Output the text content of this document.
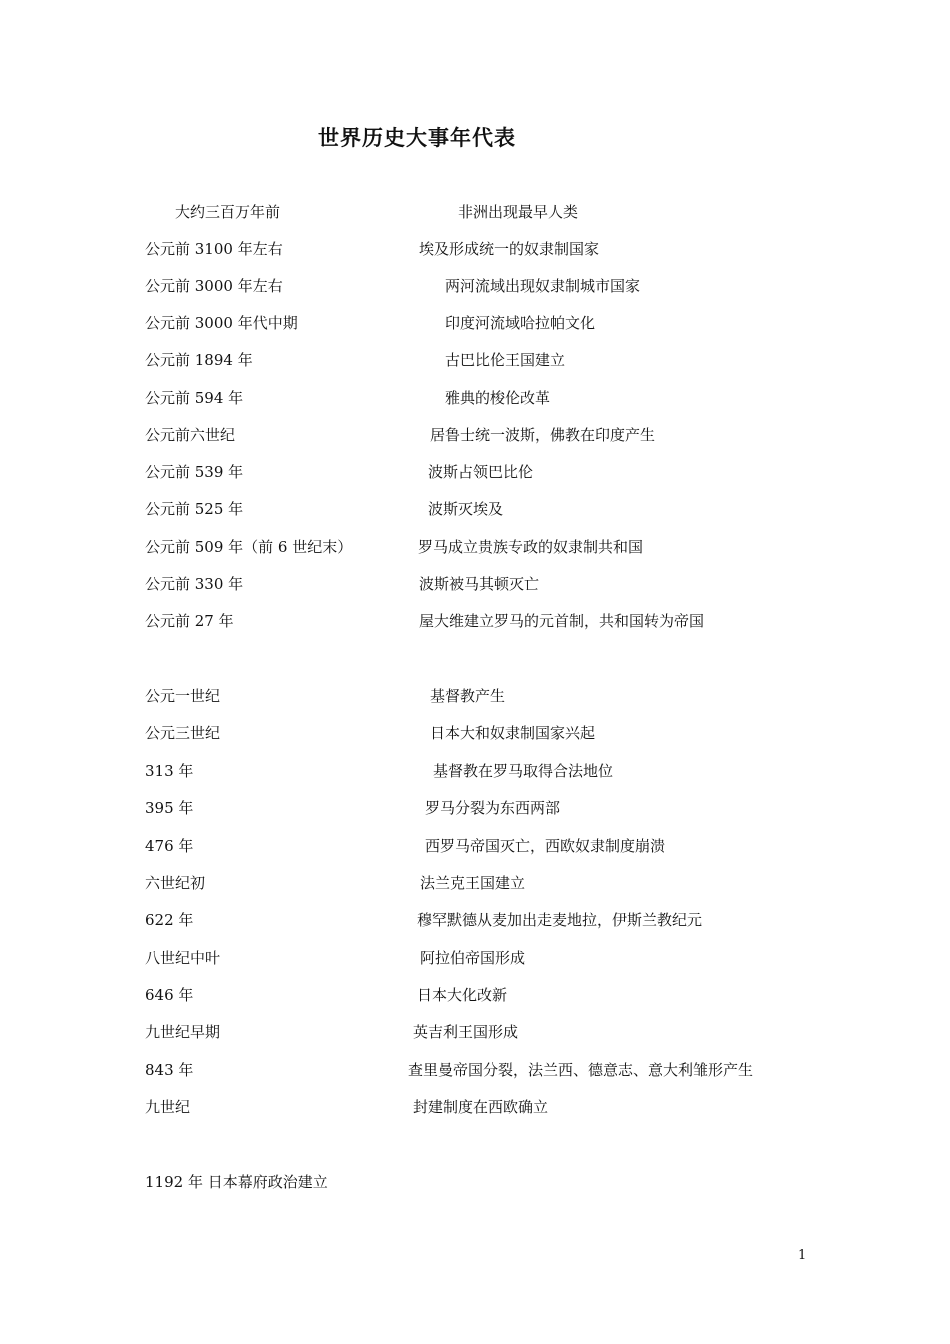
世界历史大事年代表
大约三百万年前	非洲出现最早人类
公元前 3100 年左右	埃及形成统一的奴隶制国家
公元前 3000 年左右	两河流域出现奴隶制城市国家
公元前 3000 年代中期	印度河流域哈拉帕文化
公元前 1894 年	古巴比伦王国建立
公元前 594 年	雅典的梭伦改革
公元前六世纪	居鲁士统一波斯，佛教在印度产生
公元前 539 年	波斯占领巴比伦
公元前 525 年	波斯灭埃及
公元前 509 年（前 6 世纪末）	罗马成立贵族专政的奴隶制共和国
公元前 330 年	波斯被马其顿灭亡
公元前 27 年	屋大维建立罗马的元首制，共和国转为帝国
公元一世纪	基督教产生
公元三世纪	日本大和奴隶制国家兴起
313 年	基督教在罗马取得合法地位
395 年	罗马分裂为东西两部
476 年	西罗马帝国灭亡，西欧奴隶制度崩溃
六世纪初	法兰克王国建立
622 年	穆罕默德从麦加出走麦地拉，伊斯兰教纪元
八世纪中叶	阿拉伯帝国形成
646 年	日本大化改新
九世纪早期	英吉利王国形成
843 年	查里曼帝国分裂，法兰西、德意志、意大利雏形产生
九世纪	封建制度在西欧确立
1192 年 日本幕府政治建立
1
